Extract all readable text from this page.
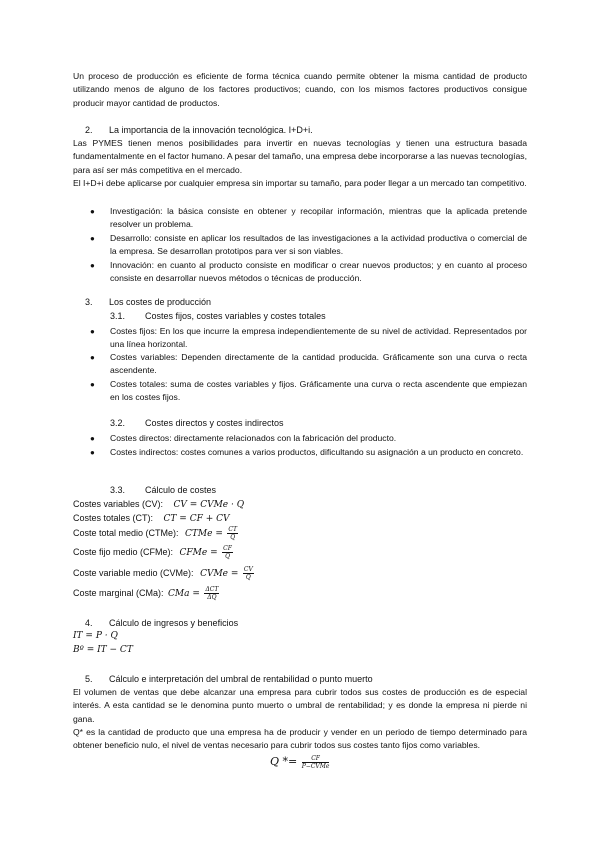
Un proceso de producción es eficiente de forma técnica cuando permite obtener la misma cantidad de producto utilizando menos de alguno de los factores productivos; cuando, con los mismos factores productivos consigue producir mayor cantidad de productos.

2. La importancia de la innovación tecnológica. I+D+i.

Las PYMES tienen menos posibilidades para invertir en nuevas tecnologías y tienen una estructura basada fundamentalmente en el factor humano. A pesar del tamaño, una empresa debe incorporarse a las nuevas tecnologías, para así ser más competitiva en el mercado.

El I+D+i debe aplicarse por cualquier empresa sin importar su tamaño, para poder llegar a un mercado tan competitivo.

● Investigación: la básica consiste en obtener y recopilar información, mientras que la aplicada pretende resolver un problema.
● Desarrollo: consiste en aplicar los resultados de las investigaciones a la actividad productiva o comercial de la empresa. Se desarrollan prototipos para ver si son viables.
● Innovación: en cuanto al producto consiste en modificar o crear nuevos productos; y en cuanto al proceso consiste en desarrollar nuevos métodos o técnicas de producción.
3. Los costes de producción
3.1. Costes fijos, costes variables y costes totales
● Costes fijos: En los que incurre la empresa independientemente de su nivel de actividad. Representados por una línea horizontal.
● Costes variables: Dependen directamente de la cantidad producida. Gráficamente son una curva o recta ascendente.
● Costes totales: suma de costes variables y fijos. Gráficamente una curva o recta ascendente que empiezan en los costes fijos.
3.2. Costes directos y costes indirectos
● Costes directos: directamente relacionados con la fabricación del producto.
● Costes indirectos: costes comunes a varios productos, dificultando su asignación a un producto en concreto.
3.3. Cálculo de costes
Costes variables (CV): CV = CVMe · Q
Costes totales (CT): CT = CF + CV
Coste total medio (CTMe): CTMe = $\frac{CT}{Q}$
Coste fijo medio (CFMe): CFMe = $\frac{CF}{Q}$
Coste variable medio (CVMe): CVMe = $\frac{CV}{Q}$
Coste marginal (CMa): CMa = $\frac{\text{ΔCT}}{\Delta Q}$
4. Cálculo de ingresos y beneficios
IT = P · Q
Bº = IT − CT
5. Cálculo e interpretación del umbral de rentabilidad o punto muerto

El volumen de ventas que debe alcanzar una empresa para cubrir todos sus costes de producción es de especial interés. A esta cantidad se le denomina punto muerto o umbral de rentabilidad; y es donde la empresa ni pierde ni gana.

Q* es la cantidad de producto que una empresa ha de producir y vender en un periodo de tiempo determinado para obtener beneficio nulo, el nivel de ventas necesario para cubrir todos sus costes tanto fijos como variables.

$Q *= \frac{CF}{\text{P−CVMe}}$
